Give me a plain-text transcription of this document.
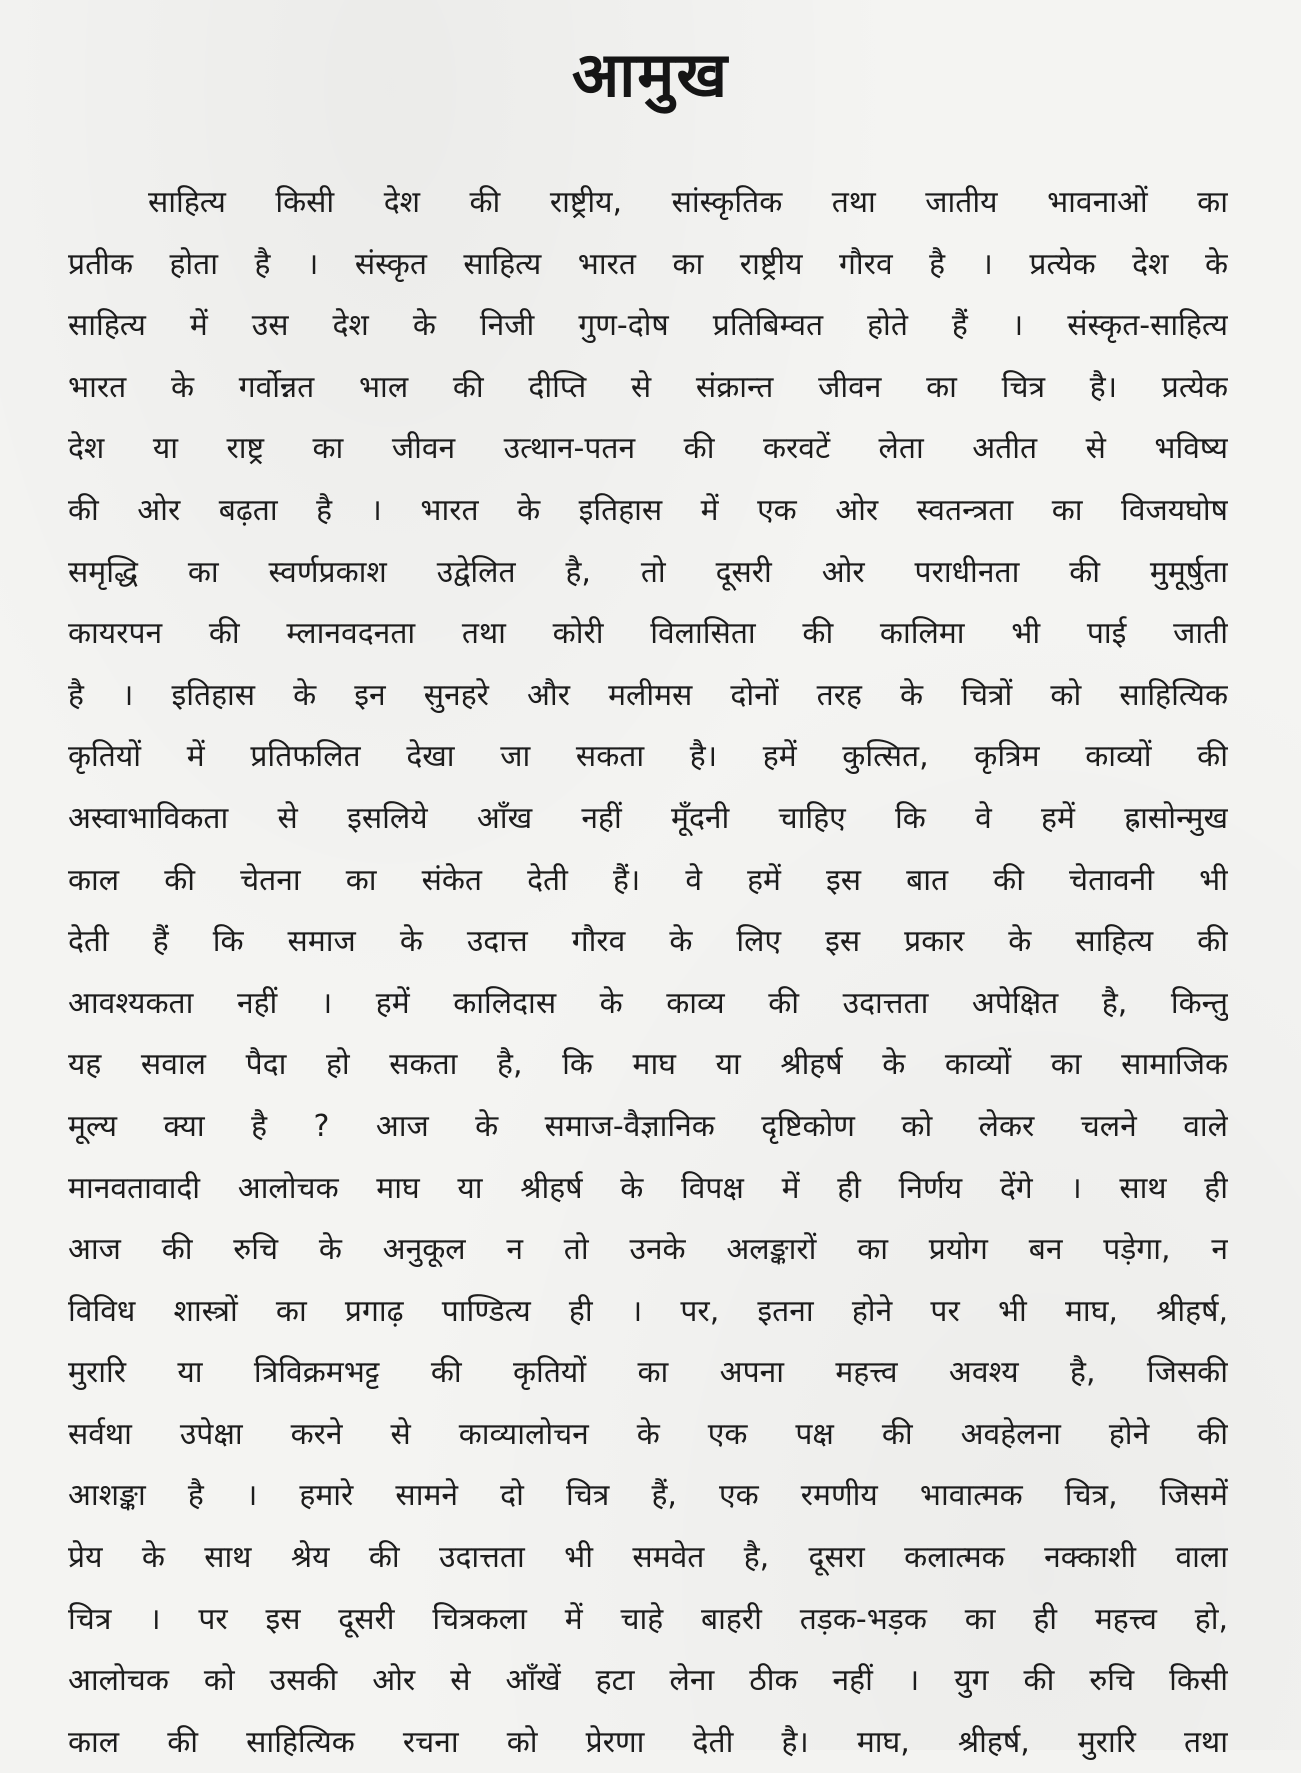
आमुख
साहित्य किसी देश की राष्ट्रीय, सांस्कृतिक तथा जातीय भावनाओं का
प्रतीक होता है । संस्कृत साहित्य भारत का राष्ट्रीय गौरव है । प्रत्येक देश के
साहित्य में उस देश के निजी गुण-दोष प्रतिबिम्वत होते हैं । संस्कृत-साहित्य
भारत के गर्वोन्नत भाल की दीप्ति से संक्रान्त जीवन का चित्र है। प्रत्येक
देश या राष्ट्र का जीवन उत्थान-पतन की करवटें लेता अतीत से भविष्य
की ओर बढ़ता है । भारत के इतिहास में एक ओर स्वतन्त्रता का विजयघोष
समृद्धि का स्वर्णप्रकाश उद्वेलित है, तो दूसरी ओर पराधीनता की मुमूर्षुता
कायरपन की म्लानवदनता तथा कोरी विलासिता की कालिमा भी पाई जाती
है । इतिहास के इन सुनहरे और मलीमस दोनों तरह के चित्रों को साहित्यिक
कृतियों में प्रतिफलित देखा जा सकता है। हमें कुत्सित, कृत्रिम काव्यों की
अस्वाभाविकता से इसलिये आँख नहीं मूँदनी चाहिए कि वे हमें ह्रासोन्मुख
काल की चेतना का संकेत देती हैं। वे हमें इस बात की चेतावनी भी
देती हैं कि समाज के उदात्त गौरव के लिए इस प्रकार के साहित्य की
आवश्यकता नहीं । हमें कालिदास के काव्य की उदात्तता अपेक्षित है, किन्तु
यह सवाल पैदा हो सकता है, कि माघ या श्रीहर्ष के काव्यों का सामाजिक
मूल्य क्या है ? आज के समाज-वैज्ञानिक दृष्टिकोण को लेकर चलने वाले
मानवतावादी आलोचक माघ या श्रीहर्ष के विपक्ष में ही निर्णय देंगे । साथ ही
आज की रुचि के अनुकूल न तो उनके अलङ्कारों का प्रयोग बन पड़ेगा, न
विविध शास्त्रों का प्रगाढ़ पाण्डित्य ही । पर, इतना होने पर भी माघ, श्रीहर्ष,
मुरारि या त्रिविक्रमभट्ट की कृतियों का अपना महत्त्व अवश्य है, जिसकी
सर्वथा उपेक्षा करने से काव्यालोचन के एक पक्ष की अवहेलना होने की
आशङ्का है । हमारे सामने दो चित्र हैं, एक रमणीय भावात्मक चित्र, जिसमें
प्रेय के साथ श्रेय की उदात्तता भी समवेत है, दूसरा कलात्मक नक्काशी वाला
चित्र । पर इस दूसरी चित्रकला में चाहे बाहरी तड़क-भड़क का ही महत्त्व हो,
आलोचक को उसकी ओर से आँखें हटा लेना ठीक नहीं । युग की रुचि किसी
काल की साहित्यिक रचना को प्रेरणा देती है। माघ, श्रीहर्ष, मुरारि तथा
